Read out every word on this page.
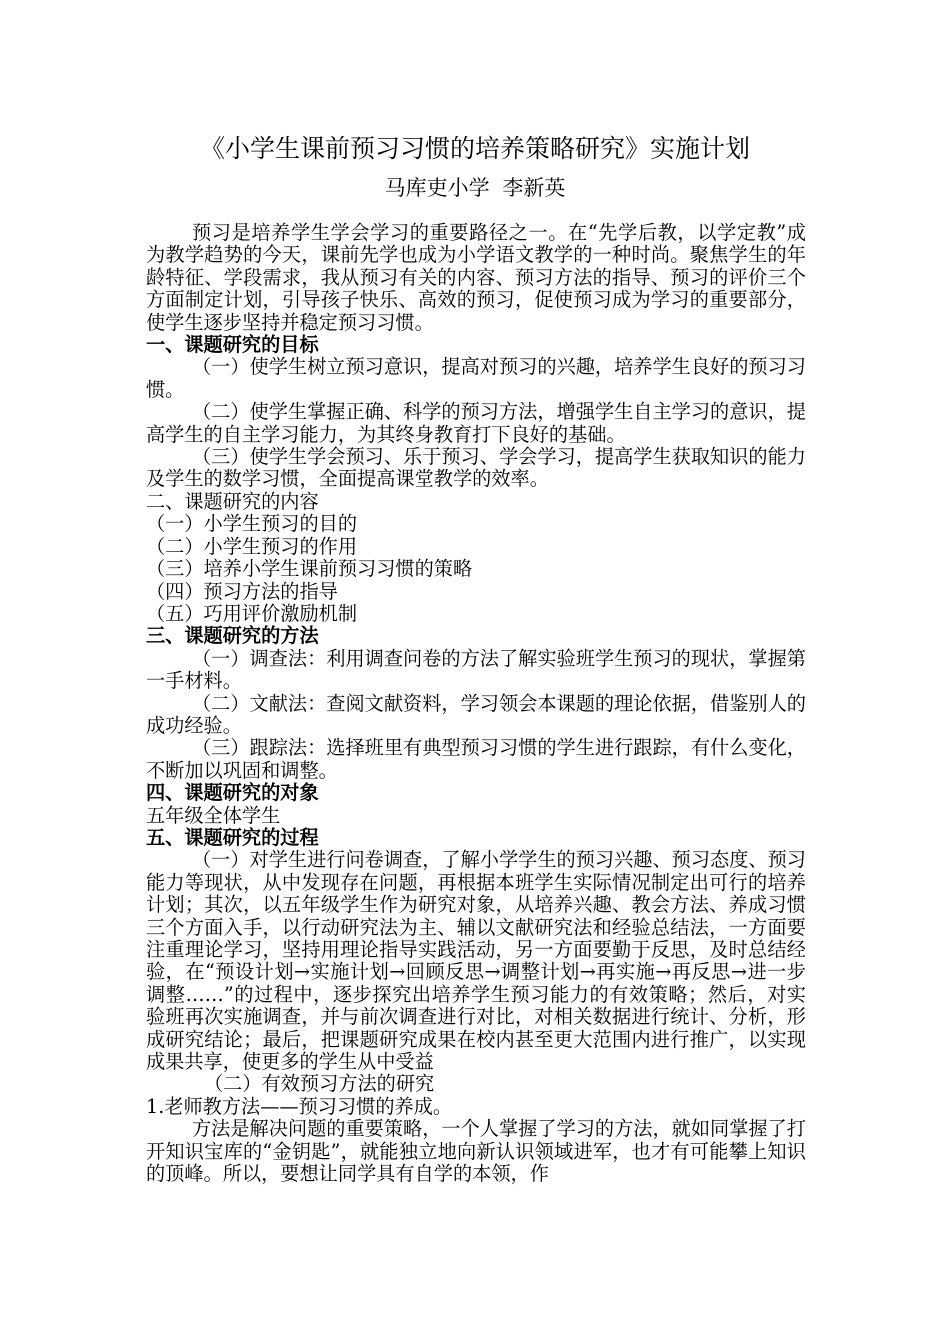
《小学生课前预习习惯的培养策略研究》实施计划
马库吏小学 李新英

预习是培养学生学会学习的重要路径之一。在“先学后教，以学定教”成为教学趋势的今天，课前先学也成为小学语文教学的一种时尚。聚焦学生的年龄特征、学段需求，我从预习有关的内容、预习方法的指导、预习的评价三个方面制定计划，引导孩子快乐、高效的预习，促使预习成为学习的重要部分，使学生逐步坚持并稳定预习习惯。

一、课题研究的目标

（一）使学生树立预习意识，提高对预习的兴趣，培养学生良好的预习习惯。

（二）使学生掌握正确、科学的预习方法，增强学生自主学习的意识，提高学生的自主学习能力，为其终身教育打下良好的基础。

（三）使学生学会预习、乐于预习、学会学习，提高学生获取知识的能力及学生的数学习惯，全面提高课堂教学的效率。

二、课题研究的内容

（一）小学生预习的目的

（二）小学生预习的作用

（三）培养小学生课前预习习惯的策略

（四）预习方法的指导

（五）巧用评价激励机制

三、课题研究的方法

（一）调查法：利用调查问卷的方法了解实验班学生预习的现状，掌握第一手材料。

（二）文献法：查阅文献资料，学习领会本课题的理论依据，借鉴别人的成功经验。

（三）跟踪法：选择班里有典型预习习惯的学生进行跟踪，有什么变化，不断加以巩固和调整。

四、课题研究的对象

五年级全体学生

五、课题研究的过程

（一）对学生进行问卷调查，了解小学学生的预习兴趣、预习态度、预习能力等现状，从中发现存在问题，再根据本班学生实际情况制定出可行的培养计划；其次，以五年级学生作为研究对象，从培养兴趣、教会方法、养成习惯三个方面入手，以行动研究法为主、辅以文献研究法和经验总结法，一方面要注重理论学习，坚持用理论指导实践活动，另一方面要勤于反思，及时总结经验，在“预设计划→实施计划→回顾反思→调整计划→再实施→再反思→进一步调整……”的过程中，逐步探究出培养学生预习能力的有效策略；然后，对实验班再次实施调查，并与前次调查进行对比，对相关数据进行统计、分析，形成研究结论；最后，把课题研究成果在校内甚至更大范围内进行推广，以实现成果共享，使更多的学生从中受益

（二）有效预习方法的研究

1.老师教方法——预习习惯的养成。

方法是解决问题的重要策略，一个人掌握了学习的方法，就如同掌握了打开知识宝库的“金钥匙”，就能独立地向新认识领域进军，也才有可能攀上知识的顶峰。所以，要想让同学具有自学的本领，作
